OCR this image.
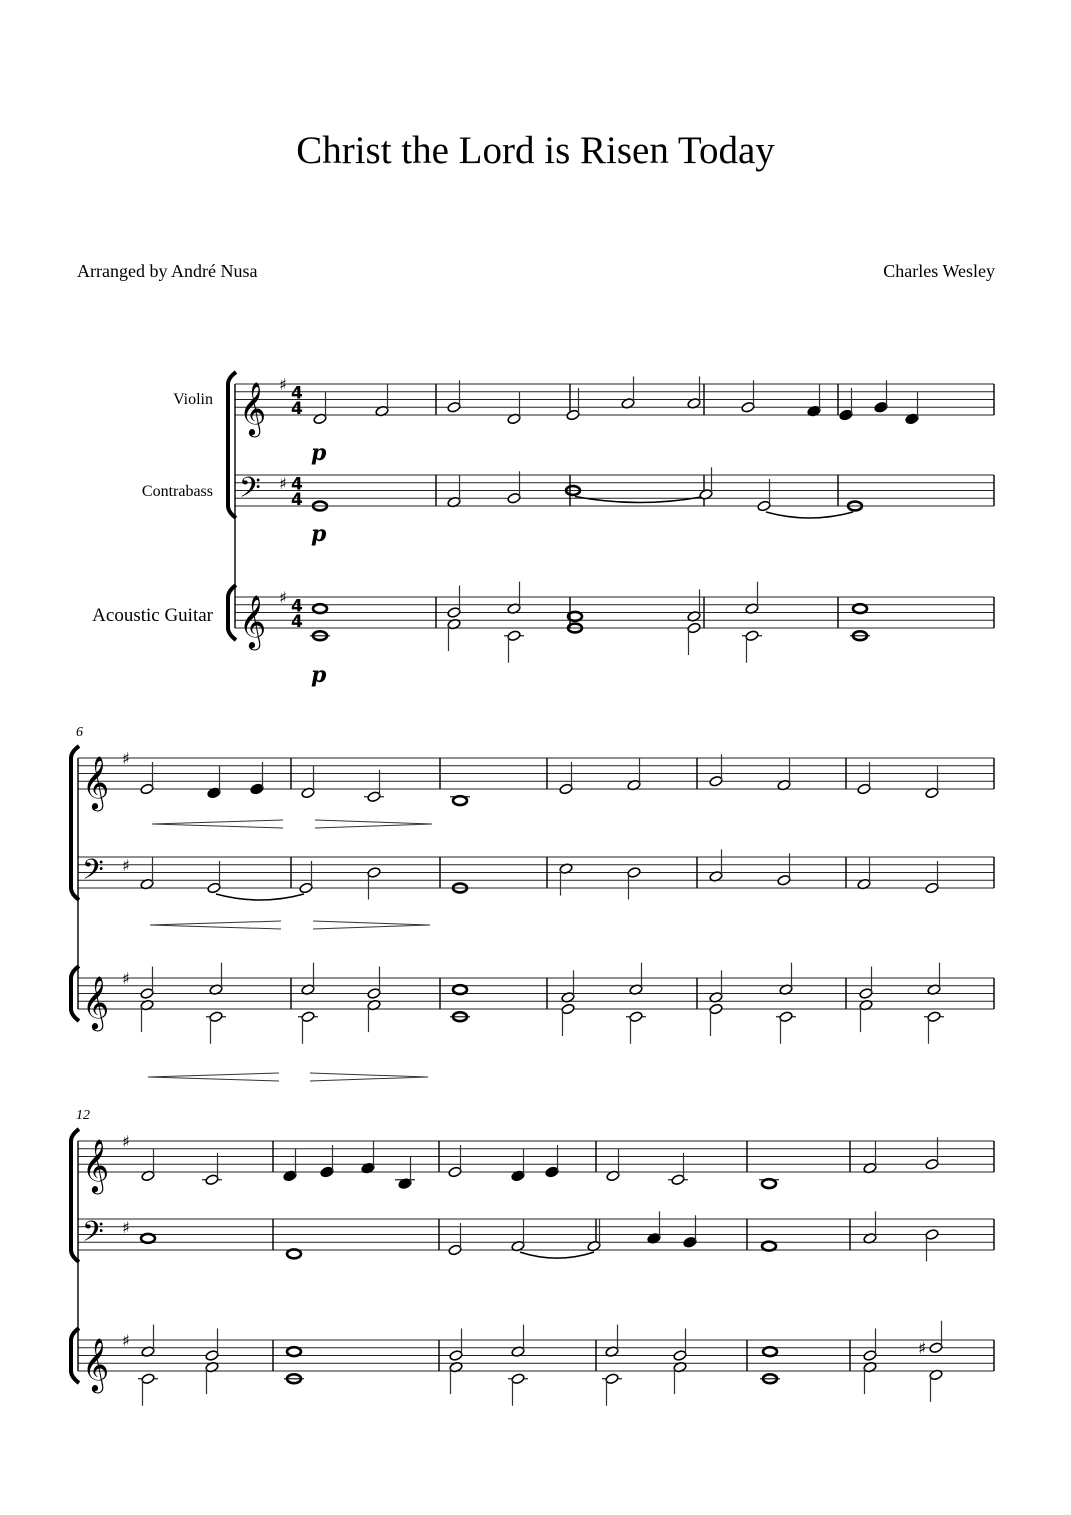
Christ the Lord is Risen Today
Arranged by André Nusa	Charles Wesley
𝄞
𝄢
𝄞
♯
♯
♯
4
4
4
4
4
4
Violin
Contrabass
Acoustic Guitar
p
p
p
𝄞
𝄢
𝄞
♯
♯
♯
6
𝄞
𝄢
𝄞
♯
♯
♯
12
♯
